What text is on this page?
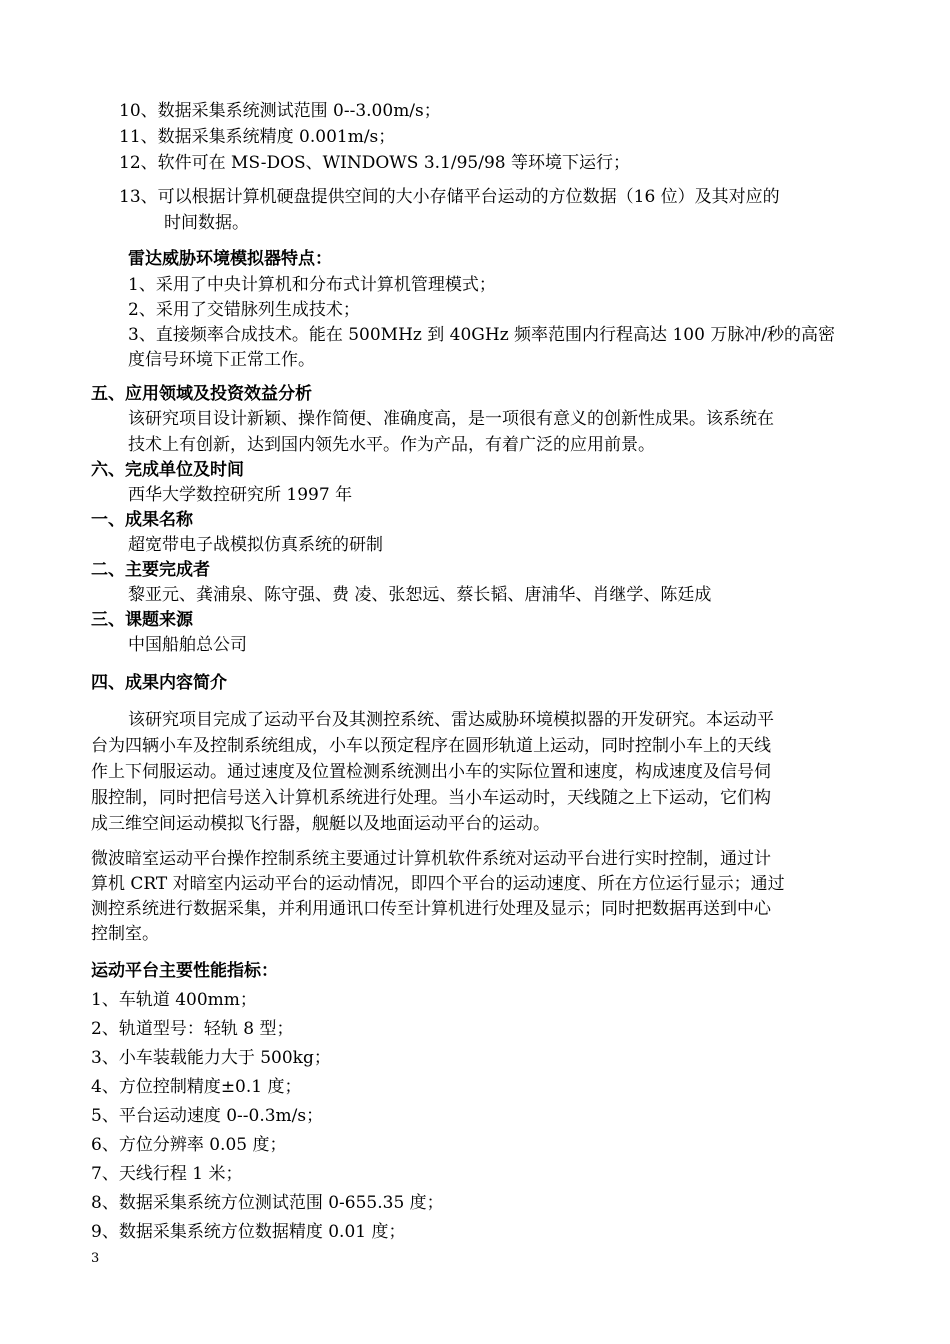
10、数据采集系统测试范围 0--3.00m/s；
11、数据采集系统精度 0.001m/s；
12、软件可在 MS-DOS、WINDOWS 3.1/95/98 等环境下运行；
13、可以根据计算机硬盘提供空间的大小存储平台运动的方位数据（16 位）及其对应的
时间数据。
雷达威胁环境模拟器特点：
1、采用了中央计算机和分布式计算机管理模式；
2、采用了交错脉列生成技术；
3、直接频率合成技术。能在 500MHz 到 40GHz 频率范围内行程高达 100 万脉冲/秒的高密
度信号环境下正常工作。
五、应用领域及投资效益分析
该研究项目设计新颖、操作简便、准确度高，是一项很有意义的创新性成果。该系统在
技术上有创新，达到国内领先水平。作为产品，有着广泛的应用前景。
六、完成单位及时间
西华大学数控研究所 1997 年
一、成果名称
超宽带电子战模拟仿真系统的研制
二、主要完成者
黎亚元、龚浦泉、陈守强、费 凌、张恕远、蔡长韬、唐浦华、肖继学、陈廷成
三、课题来源
中国船舶总公司
四、成果内容简介
该研究项目完成了运动平台及其测控系统、雷达威胁环境模拟器的开发研究。本运动平
台为四辆小车及控制系统组成，小车以预定程序在圆形轨道上运动，同时控制小车上的天线
作上下伺服运动。通过速度及位置检测系统测出小车的实际位置和速度，构成速度及信号伺
服控制，同时把信号送入计算机系统进行处理。当小车运动时，天线随之上下运动，它们构
成三维空间运动模拟飞行器，舰艇以及地面运动平台的运动。
微波暗室运动平台操作控制系统主要通过计算机软件系统对运动平台进行实时控制，通过计
算机 CRT 对暗室内运动平台的运动情况，即四个平台的运动速度、所在方位运行显示；通过
测控系统进行数据采集，并利用通讯口传至计算机进行处理及显示；同时把数据再送到中心
控制室。
运动平台主要性能指标：
1、车轨道 400mm；
2、轨道型号：轻轨 8 型；
3、小车装载能力大于 500kg；
4、方位控制精度±0.1 度；
5、平台运动速度 0--0.3m/s；
6、方位分辨率 0.05 度；
7、天线行程 1 米；
8、数据采集系统方位测试范围 0-655.35 度；
9、数据采集系统方位数据精度 0.01 度；
3
